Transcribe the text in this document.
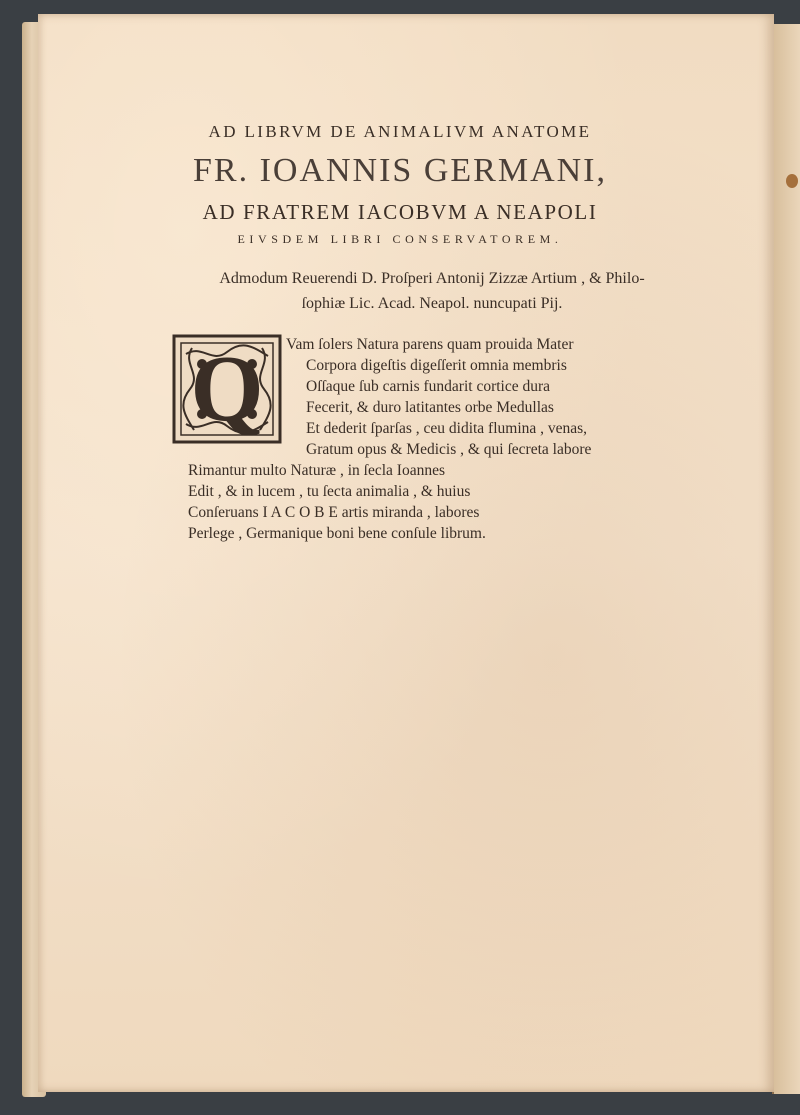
AD LIBRVM DE ANIMALIVM ANATOME
FR. IOANNIS GERMANI,
AD FRATREM IACOBVM A NEAPOLI
EIVSDEM LIBRI CONSERVATOREM.
Admodum Reuerendi D. Proſperi Antonij Zizzæ Artium , & Philo-
ſophiæ Lic. Acad. Neapol. nuncupati Pij.
Q	Vam ſolers Natura parens quam prouida Mater
Corpora digeſtis digeſſerit omnia membris
Oſſaque ſub carnis fundarit cortice dura
Fecerit, & duro latitantes orbe Medullas
Et dederit ſparſas , ceu didita flumina , venas,
Gratum opus & Medicis , & qui ſecreta labore
Rimantur multo Naturæ , in ſecla Ioannes
Edit , & in lucem , tu ſecta animalia , & huius
Conſeruans I A C O B E artis miranda , labores
Perlege , Germanique boni bene conſule librum.
